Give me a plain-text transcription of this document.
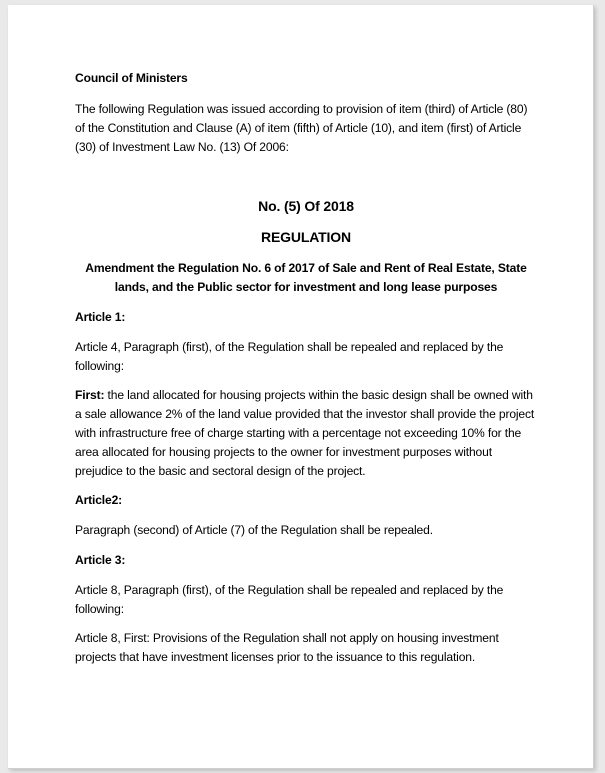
Council of Ministers

The following Regulation was issued according to provision of item (third) of Article (80) of the Constitution and Clause (A) of item (fifth) of Article (10), and item (first) of Article (30) of Investment Law No. (13) Of 2006:

No. (5) Of 2018

REGULATION

Amendment the Regulation No. 6 of 2017 of Sale and Rent of Real Estate, State lands, and the Public sector for investment and long lease purposes

Article 1:

Article 4, Paragraph (first), of the Regulation shall be repealed and replaced by the following:

First: the land allocated for housing projects within the basic design shall be owned with a sale allowance 2% of the land value provided that the investor shall provide the project with infrastructure free of charge starting with a percentage not exceeding 10% for the area allocated for housing projects to the owner for investment purposes without prejudice to the basic and sectoral design of the project.

Article2:

Paragraph (second) of Article (7) of the Regulation shall be repealed.

Article 3:

Article 8, Paragraph (first), of the Regulation shall be repealed and replaced by the following:

Article 8, First: Provisions of the Regulation shall not apply on housing investment projects that have investment licenses prior to the issuance to this regulation.
